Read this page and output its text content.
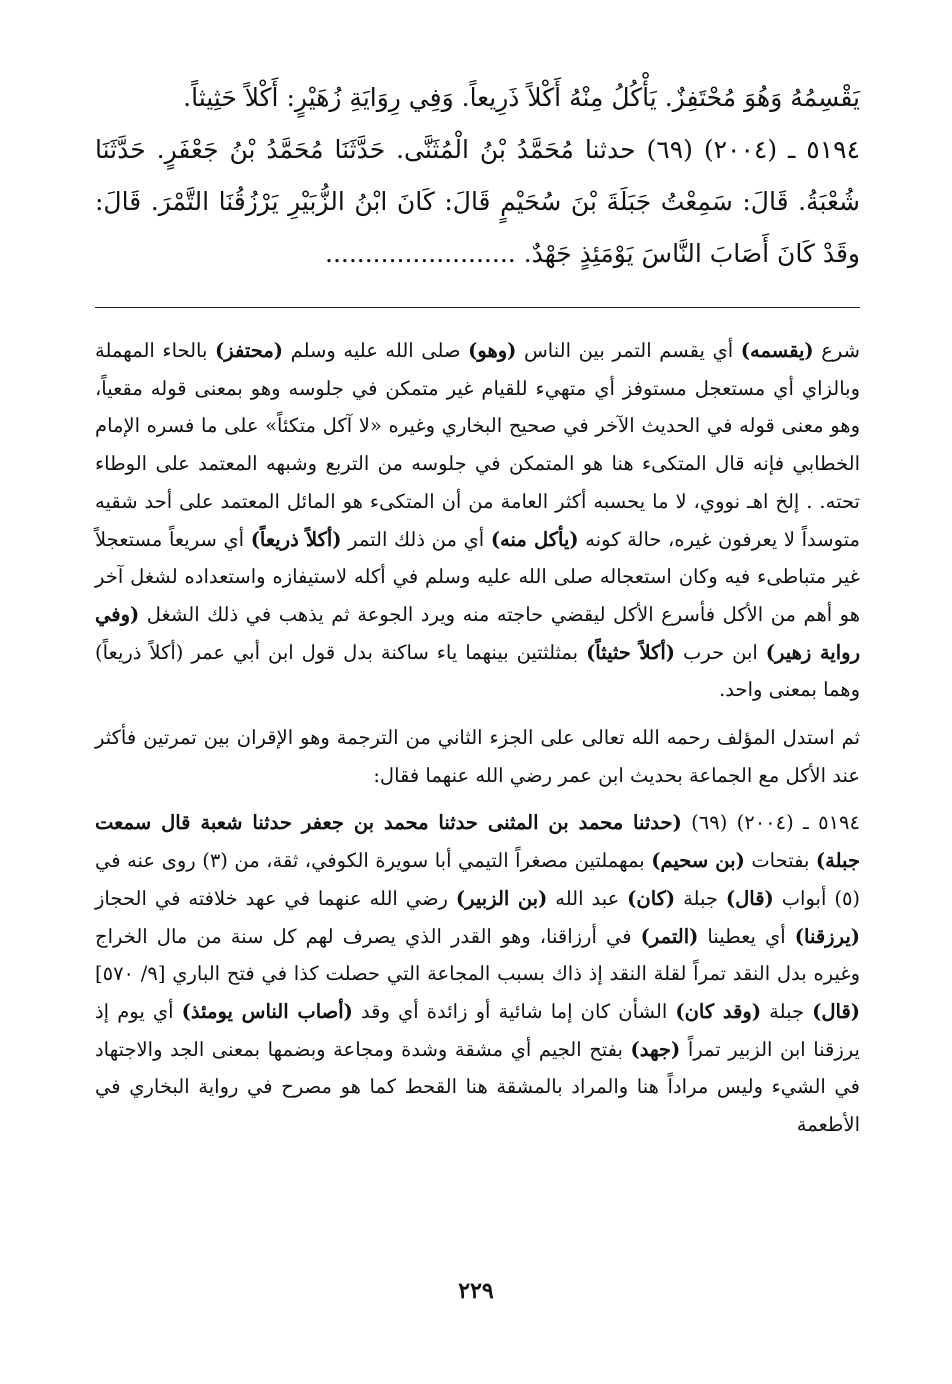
يَقْسِمُهُ وَهُوَ مُحْتَفِزٌ. يَأْكُلُ مِنْهُ أَكْلاً ذَرِيعاً. وَفِي رِوَايَةِ زُهَيْرٍ: أَكْلاً حَثِيثاً.

٥١٩٤ ـ (٢٠٠٤) (٦٩) حدثنا مُحَمَّدُ بْنُ الْمُثَنَّى. حَدَّثَنَا مُحَمَّدُ بْنُ جَعْفَرٍ. حَدَّثَنَا شُعْبَةُ. قَالَ: سَمِعْتُ جَبَلَةَ بْنَ سُحَيْمٍ قَالَ: كَانَ ابْنُ الزُّبَيْرِ يَرْزُقُنَا التَّمْرَ. قَالَ: وقَدْ كَانَ أَصَابَ النَّاسَ يَوْمَئِذٍ جَهْدٌ. ........................

شرع (يقسمه) أي يقسم التمر بين الناس (وهو) صلى الله عليه وسلم (محتفز) بالحاء المهملة وبالزاي أي مستعجل مستوفز أي متهيء للقيام غير متمكن في جلوسه وهو بمعنى قوله مقعياً، وهو معنى قوله في الحديث الآخر في صحيح البخاري وغيره «لا آكل متكئاً» على ما فسره الإمام الخطابي فإنه قال المتكىء هنا هو المتمكن في جلوسه من التربع وشبهه المعتمد على الوطاء تحته. . إلخ اهـ نووي، لا ما يحسبه أكثر العامة من أن المتكىء هو المائل المعتمد على أحد شقيه متوسداً لا يعرفون غيره، حالة كونه (يأكل منه) أي من ذلك التمر (أكلاً ذريعاً) أي سريعاً مستعجلاً غير متباطىء فيه وكان استعجاله صلى الله عليه وسلم في أكله لاستيفازه واستعداده لشغل آخر هو أهم من الأكل فأسرع الأكل ليقضي حاجته منه ويرد الجوعة ثم يذهب في ذلك الشغل (وفي رواية زهير) ابن حرب (أكلاً حثيثاً) بمثلثتين بينهما ياء ساكنة بدل قول ابن أبي عمر (أكلاً ذريعاً) وهما بمعنى واحد.

ثم استدل المؤلف رحمه الله تعالى على الجزء الثاني من الترجمة وهو الإقران بين تمرتين فأكثر عند الأكل مع الجماعة بحديث ابن عمر رضي الله عنهما فقال:

٥١٩٤ ـ (٢٠٠٤) (٦٩) (حدثنا محمد بن المثنى حدثنا محمد بن جعفر حدثنا شعبة قال سمعت جبلة) بفتحات (بن سحيم) بمهملتين مصغراً التيمي أبا سويرة الكوفي، ثقة، من (٣) روى عنه في (٥) أبواب (قال) جبلة (كان) عبد الله (بن الزبير) رضي الله عنهما في عهد خلافته في الحجاز (يرزقنا) أي يعطينا (التمر) في أرزاقنا، وهو القدر الذي يصرف لهم كل سنة من مال الخراج وغيره بدل النقد تمراً لقلة النقد إذ ذاك بسبب المجاعة التي حصلت كذا في فتح الباري [٩/ ٥٧٠] (قال) جبلة (وقد كان) الشأن كان إما شائية أو زائدة أي وقد (أصاب الناس يومئذ) أي يوم إذ يرزقنا ابن الزبير تمراً (جهد) بفتح الجيم أي مشقة وشدة ومجاعة وبضمها بمعنى الجد والاجتهاد في الشيء وليس مراداً هنا والمراد بالمشقة هنا القحط كما هو مصرح في رواية البخاري في الأطعمة

٢٢٩
